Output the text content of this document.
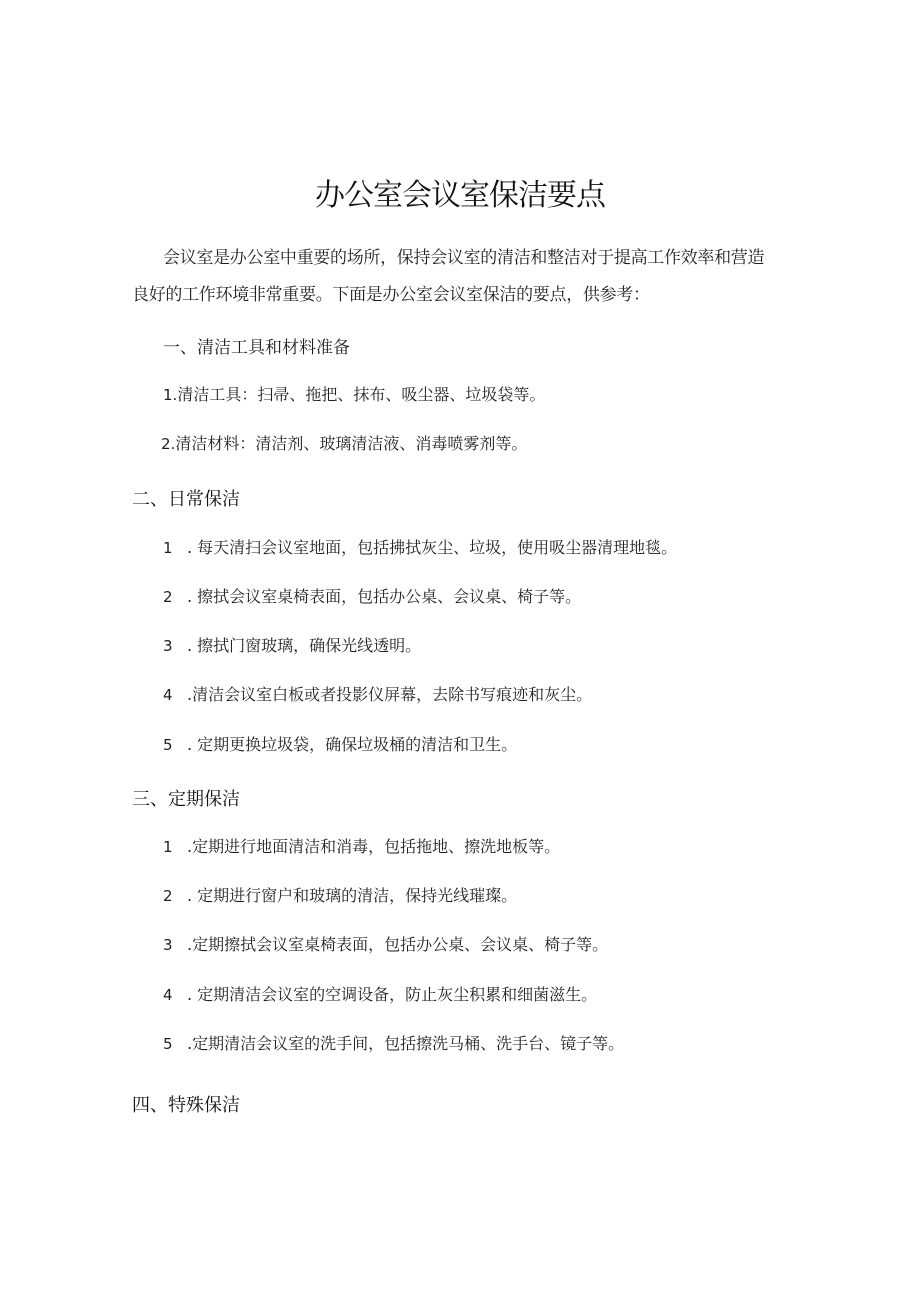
办公室会议室保洁要点
会议室是办公室中重要的场所，保持会议室的清洁和整洁对于提高工作效率和营造
良好的工作环境非常重要。下面是办公室会议室保洁的要点，供参考：
一、清洁工具和材料准备
1.清洁工具：扫帚、拖把、抹布、吸尘器、垃圾袋等。
2.清洁材料：清洁剂、玻璃清洁液、消毒喷雾剂等。
二、日常保洁
1 . 每天清扫会议室地面，包括拂拭灰尘、垃圾，使用吸尘器清理地毯。
2 . 擦拭会议室桌椅表面，包括办公桌、会议桌、椅子等。
3 . 擦拭门窗玻璃，确保光线透明。
4 .清洁会议室白板或者投影仪屏幕，去除书写痕迹和灰尘。
5 . 定期更换垃圾袋，确保垃圾桶的清洁和卫生。
三、定期保洁
1 .定期进行地面清洁和消毒，包括拖地、擦洗地板等。
2 . 定期进行窗户和玻璃的清洁，保持光线璀璨。
3 .定期擦拭会议室桌椅表面，包括办公桌、会议桌、椅子等。
4 . 定期清洁会议室的空调设备，防止灰尘积累和细菌滋生。
5 .定期清洁会议室的洗手间，包括擦洗马桶、洗手台、镜子等。
四、特殊保洁
